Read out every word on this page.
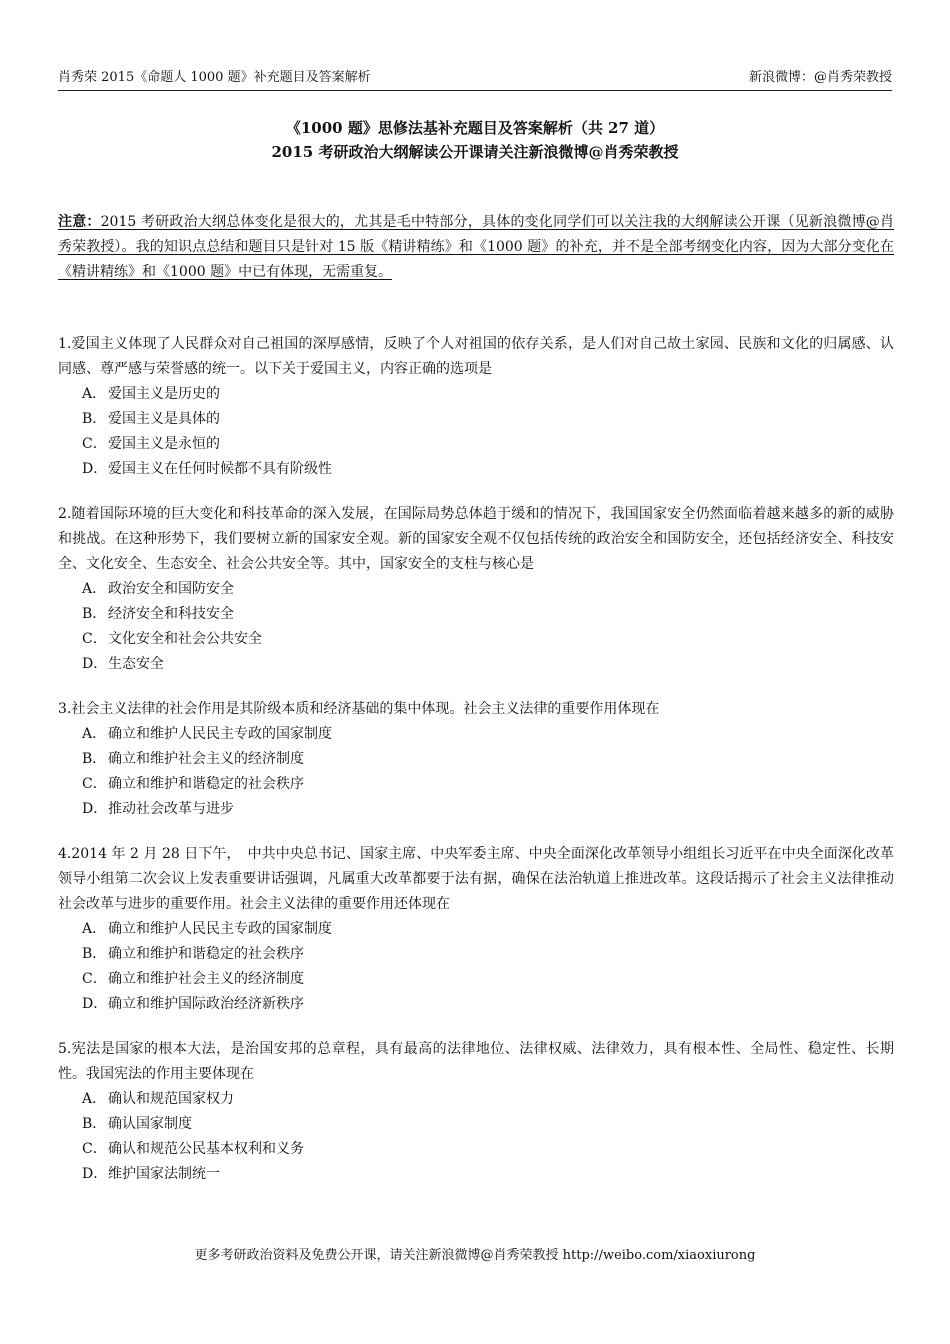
肖秀荣 2015《命题人 1000 题》补充题目及答案解析	新浪微博：@肖秀荣教授
《1000 题》思修法基补充题目及答案解析（共 27 道）
2015 考研政治大纲解读公开课请关注新浪微博@肖秀荣教授
注意：2015 考研政治大纲总体变化是很大的，尤其是毛中特部分，具体的变化同学们可以关注我的大纲解读公开课（见新浪微博@肖秀荣教授）。我的知识点总结和题目只是针对 15 版《精讲精练》和《1000 题》的补充，并不是全部考纲变化内容，因为大部分变化在《精讲精练》和《1000 题》中已有体现，无需重复。
1.爱国主义体现了人民群众对自己祖国的深厚感情，反映了个人对祖国的依存关系，是人们对自己故土家园、民族和文化的归属感、认同感、尊严感与荣誉感的统一。以下关于爱国主义，内容正确的选项是
A． 爱国主义是历史的
B． 爱国主义是具体的
C．爱国主义是永恒的
D．爱国主义在任何时候都不具有阶级性
2.随着国际环境的巨大变化和科技革命的深入发展，在国际局势总体趋于缓和的情况下，我国国家安全仍然面临着越来越多的新的威胁和挑战。在这种形势下，我们要树立新的国家安全观。新的国家安全观不仅包括传统的政治安全和国防安全，还包括经济安全、科技安全、文化安全、生态安全、社会公共安全等。其中，国家安全的支柱与核心是
A． 政治安全和国防安全
B． 经济安全和科技安全
C．文化安全和社会公共安全
D．生态安全
3.社会主义法律的社会作用是其阶级本质和经济基础的集中体现。社会主义法律的重要作用体现在
A． 确立和维护人民民主专政的国家制度
B． 确立和维护社会主义的经济制度
C．确立和维护和谐稳定的社会秩序
D．推动社会改革与进步
4.2014 年 2 月 28 日下午，　中共中央总书记、国家主席、中央军委主席、中央全面深化改革领导小组组长习近平在中央全面深化改革领导小组第二次会议上发表重要讲话强调，凡属重大改革都要于法有据，确保在法治轨道上推进改革。这段话揭示了社会主义法律推动社会改革与进步的重要作用。社会主义法律的重要作用还体现在
A． 确立和维护人民民主专政的国家制度
B． 确立和维护和谐稳定的社会秩序
C．确立和维护社会主义的经济制度
D．确立和维护国际政治经济新秩序
5.宪法是国家的根本大法，是治国安邦的总章程，具有最高的法律地位、法律权威、法律效力，具有根本性、全局性、稳定性、长期性。我国宪法的作用主要体现在
A． 确认和规范国家权力
B． 确认国家制度
C．确认和规范公民基本权利和义务
D．维护国家法制统一
更多考研政治资料及免费公开课，请关注新浪微博@肖秀荣教授 http://weibo.com/xiaoxiurong
